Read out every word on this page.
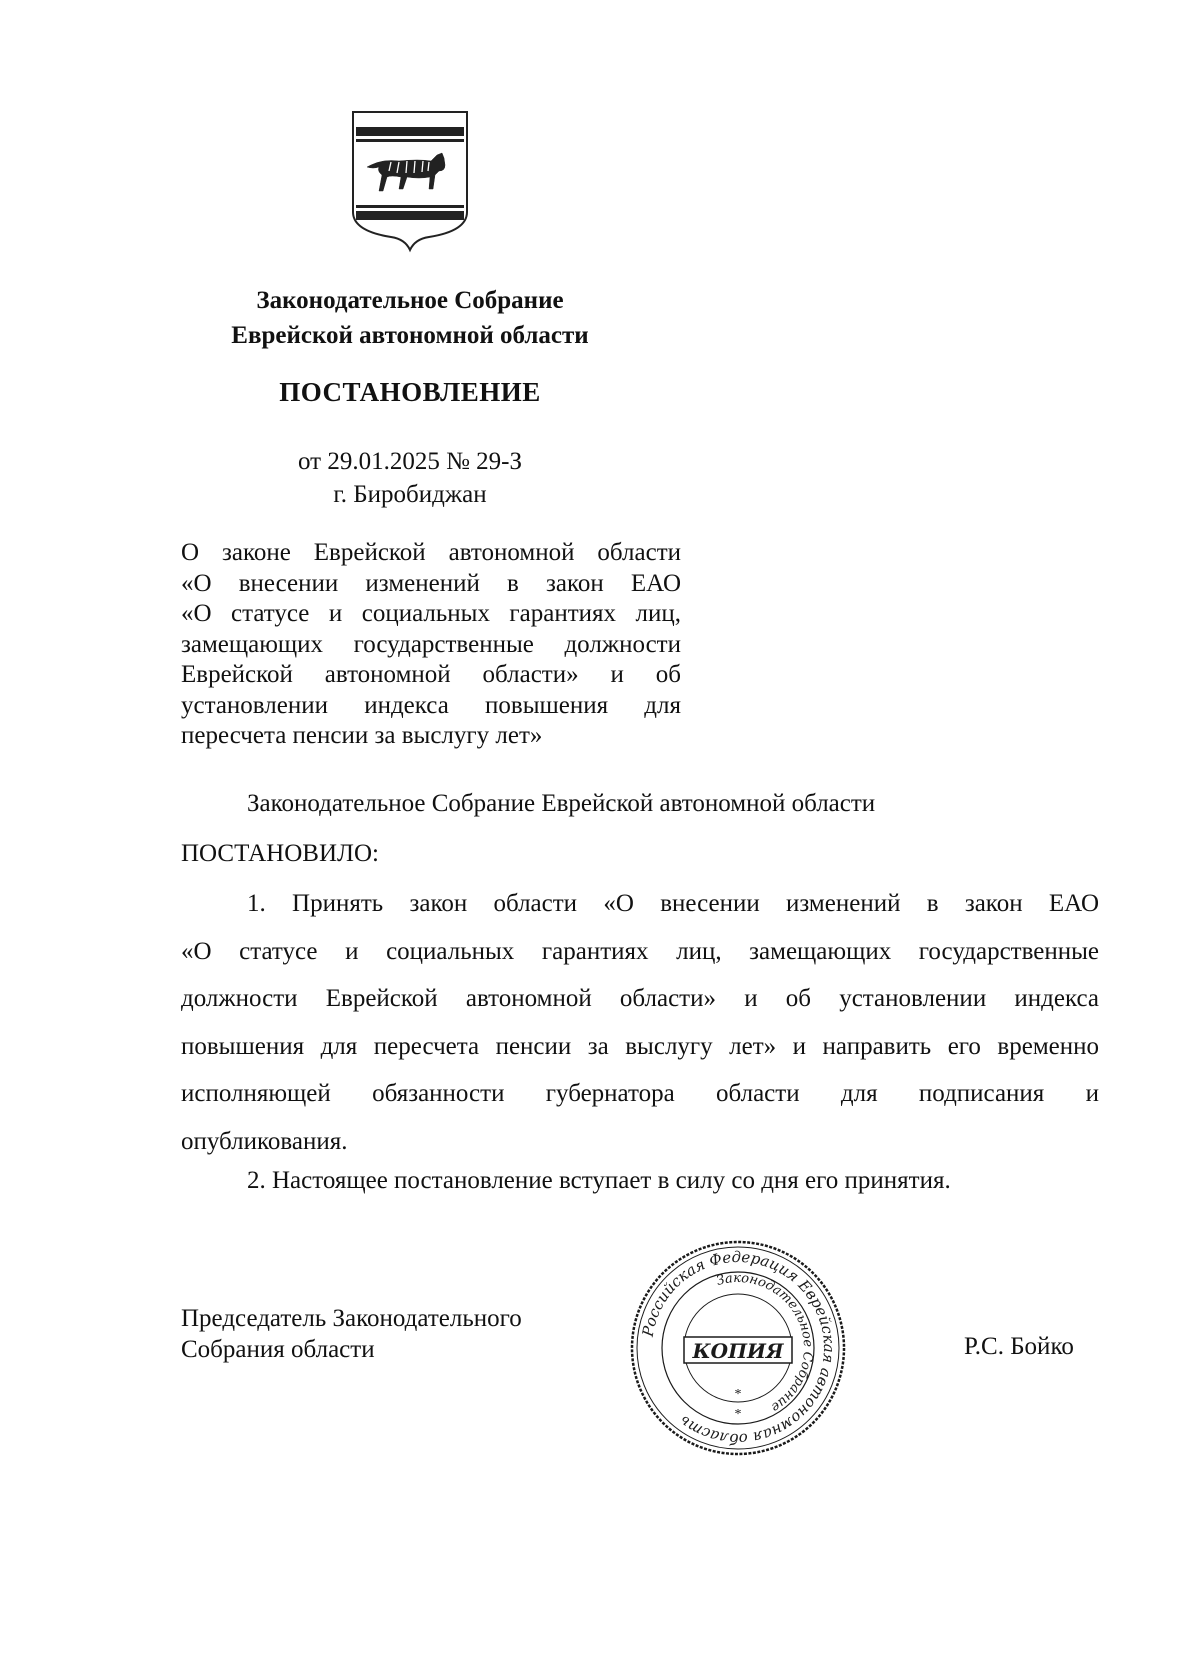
Законодательное Собрание
Еврейской автономной области
ПОСТАНОВЛЕНИЕ
от 29.01.2025 № 29-З
г. Биробиджан
О законе Еврейской автономной области
«О внесении изменений в закон ЕАО
«О статусе и социальных гарантиях лиц,
замещающих государственные должности
Еврейской автономной области» и об
установлении индекса повышения для
пересчета пенсии за выслугу лет»
Законодательное Собрание Еврейской автономной области
ПОСТАНОВИЛО:
1. Принять закон области «О внесении изменений в закон ЕАО
«О статусе и социальных гарантиях лиц, замещающих государственные
должности Еврейской автономной области» и об установлении индекса
повышения для пересчета пенсии за выслугу лет» и направить его временно
исполняющей обязанности губернатора области для подписания и
опубликования.
2. Настоящее постановление вступает в силу со дня его принятия.
Председатель Законодательного
Собрания области
Российская Федерация Еврейская автономная область
Законодательное Собрание
КОПИЯ
*
*
Р.С. Бойко
